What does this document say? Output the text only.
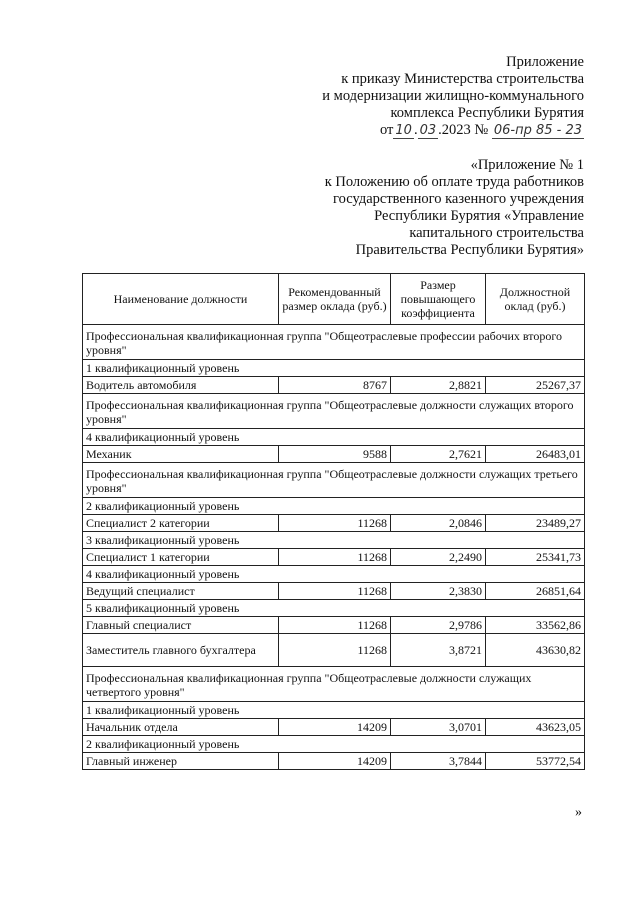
Приложение
к приказу Министерства строительства
и модернизации жилищно-коммунального
комплекса Республики Бурятия
от 10 . 03 .2023 № 06-пр 85 - 23
«Приложение № 1
к Положению об оплате труда работников
государственного казенного учреждения
Республики Бурятия «Управление
капитального строительства
Правительства Республики Бурятия»
Наименование должности	Рекомендованный размер оклада (руб.)	Размер повышающего коэффициента	Должностной оклад (руб.)
Профессиональная квалификационная группа "Общеотраслевые профессии рабочих второго уровня"			
1 квалификационный уровень			
Водитель автомобиля	8767	2,8821	25267,37
Профессиональная квалификационная группа "Общеотраслевые должности служащих второго уровня"			
4 квалификационный уровень			
Механик	9588	2,7621	26483,01
Профессиональная квалификационная группа "Общеотраслевые должности служащих третьего уровня"			
2 квалификационный уровень			
Специалист 2 категории	11268	2,0846	23489,27
3 квалификационный уровень			
Специалист 1 категории	11268	2,2490	25341,73
4 квалификационный уровень			
Ведущий специалист	11268	2,3830	26851,64
5 квалификационный уровень			
Главный специалист	11268	2,9786	33562,86
Заместитель главного бухгалтера	11268	3,8721	43630,82
Профессиональная квалификационная группа "Общеотраслевые должности служащих четвертого уровня"			
1 квалификационный уровень			
Начальник отдела	14209	3,0701	43623,05
2 квалификационный уровень			
Главный инженер	14209	3,7844	53772,54
»
